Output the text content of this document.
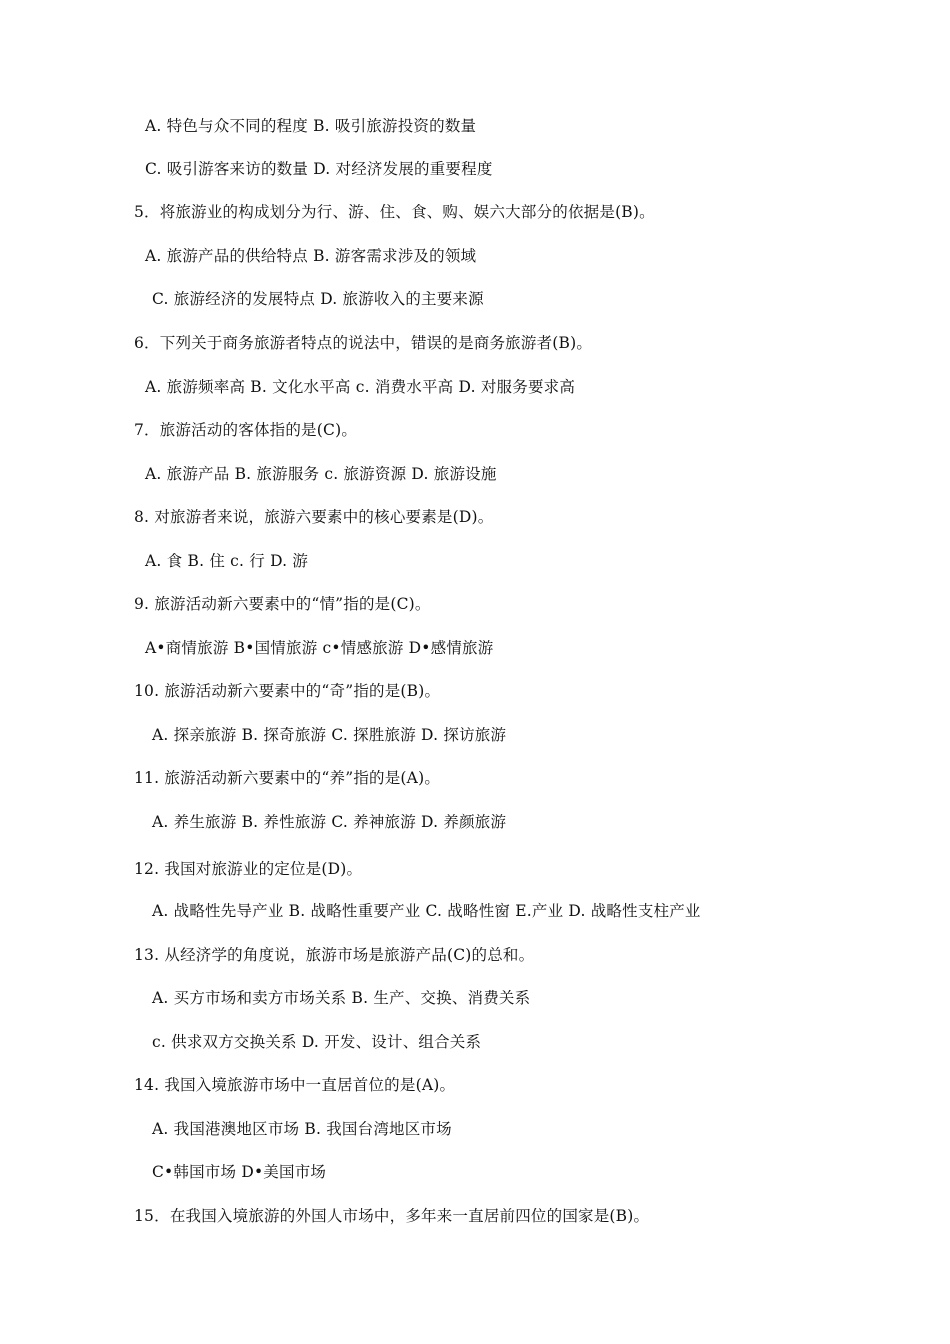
A. 特色与众不同的程度 B. 吸引旅游投资的数量
C. 吸引游客来访的数量 D. 对经济发展的重要程度
5．将旅游业的构成划分为行、游、住、食、购、娱六大部分的依据是(B)。
A. 旅游产品的供给特点 B. 游客需求涉及的领域
C. 旅游经济的发展特点 D. 旅游收入的主要来源
6．下列关于商务旅游者特点的说法中，错误的是商务旅游者(B)。
A. 旅游频率高 B. 文化水平高 c. 消费水平高 D. 对服务要求高
7．旅游活动的客体指的是(C)。
A. 旅游产品 B. 旅游服务 c. 旅游资源 D. 旅游设施
8. 对旅游者来说，旅游六要素中的核心要素是(D)。
A. 食 B. 住 c. 行 D. 游
9. 旅游活动新六要素中的“情”指的是(C)。
A•商情旅游 B•国情旅游 c•情感旅游 D•感情旅游
10. 旅游活动新六要素中的“奇”指的是(B)。
A. 探亲旅游 B. 探奇旅游 C. 探胜旅游 D. 探访旅游
11. 旅游活动新六要素中的“养”指的是(A)。
A. 养生旅游 B. 养性旅游 C. 养神旅游 D. 养颜旅游
12. 我国对旅游业的定位是(D)。
A. 战略性先导产业 B. 战略性重要产业 C. 战略性窗 E.产业 D. 战略性支柱产业
13. 从经济学的角度说，旅游市场是旅游产品(C)的总和。
A. 买方市场和卖方市场关系 B. 生产、交换、消费关系
c. 供求双方交换关系 D. 开发、设计、组合关系
14. 我国入境旅游市场中一直居首位的是(A)。
A. 我国港澳地区市场 B. 我国台湾地区市场
C•韩国市场 D•美国市场
15．在我国入境旅游的外国人市场中，多年来一直居前四位的国家是(B)。
